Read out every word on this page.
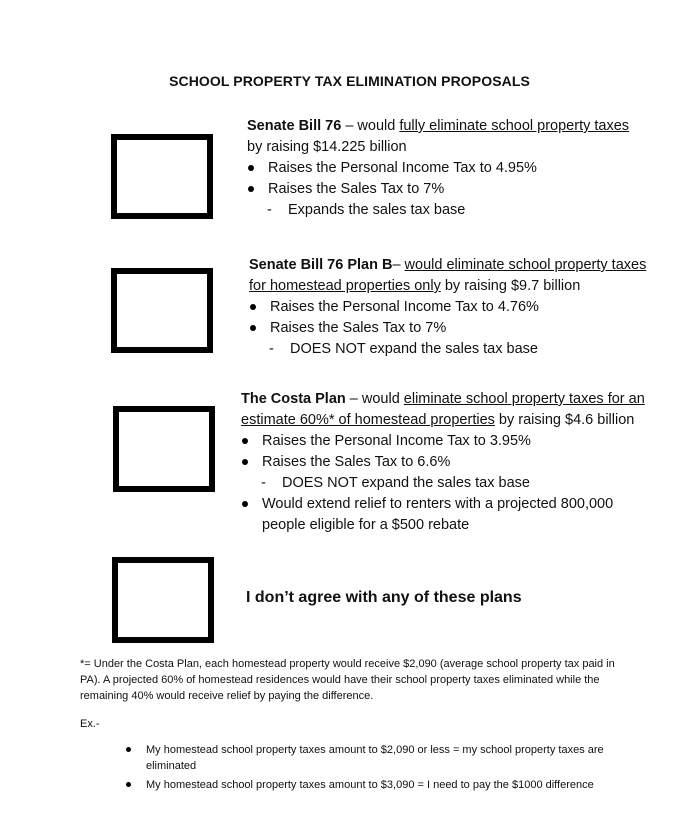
SCHOOL PROPERTY TAX ELIMINATION PROPOSALS
Senate Bill 76 – would fully eliminate school property taxes by raising $14.225 billion
Raises the Personal Income Tax to 4.95%
Raises the Sales Tax to 7%
- Expands the sales tax base
Senate Bill 76 Plan B– would eliminate school property taxes for homestead properties only by raising $9.7 billion
Raises the Personal Income Tax to 4.76%
Raises the Sales Tax to 7%
- DOES NOT expand the sales tax base
The Costa Plan – would eliminate school property taxes for an estimate 60%* of homestead properties by raising $4.6 billion
Raises the Personal Income Tax to 3.95%
Raises the Sales Tax to 6.6%
- DOES NOT expand the sales tax base
Would extend relief to renters with a projected 800,000 people eligible for a $500 rebate
I don’t agree with any of these plans
*= Under the Costa Plan, each homestead property would receive $2,090 (average school property tax paid in PA). A projected 60% of homestead residences would have their school property taxes eliminated while the remaining 40% would receive relief by paying the difference.
Ex.-
My homestead school property taxes amount to $2,090 or less = my school property taxes are eliminated
My homestead school property taxes amount to $3,090 = I need to pay the $1000 difference
